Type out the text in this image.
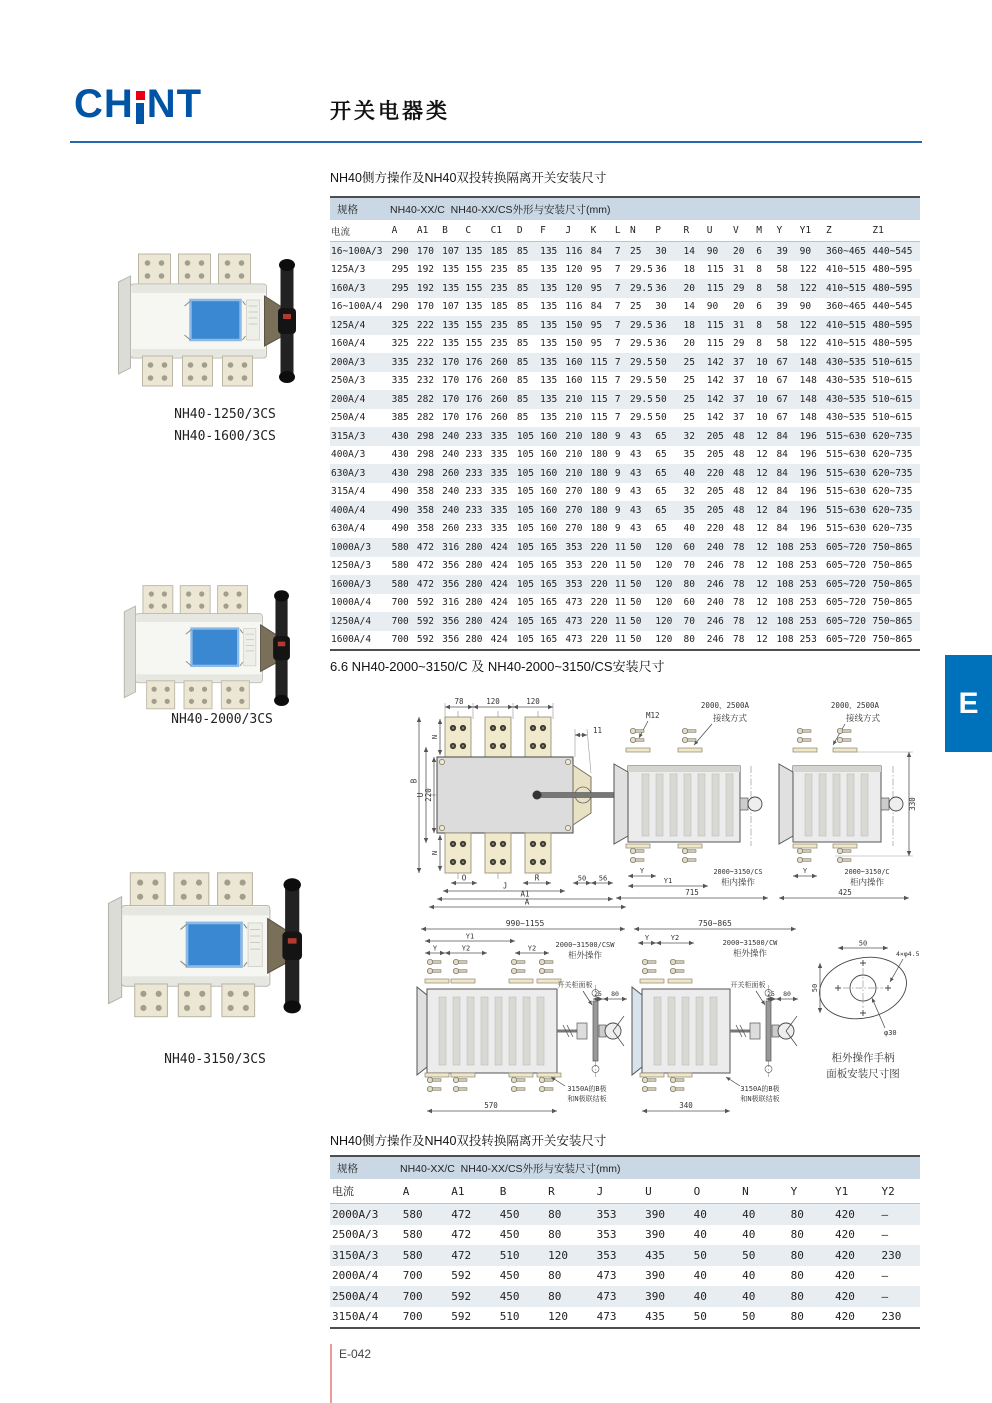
CH NT	开关电器类
E
NH40-1250/3CS
NH40-1600/3CS
NH40-2000/3CS
NH40-3150/3CS
NH40侧方操作及NH40双投转换隔离开关安装尺寸
规格	NH40-XX/C  NH40-XX/CS外形与安装尺寸(mm)
电流	A	A1	B	C	C1	D	F	J	K	L	N	P	R	U	V	M	Y	Y1	Z	Z1
16~100A/3	290	170	107	135	185	85	135	116	84	7	25	30	14	90	20	6	39	90	360~465	440~545
125A/3	295	192	135	155	235	85	135	120	95	7	29.5	36	18	115	31	8	58	122	410~515	480~595
160A/3	295	192	135	155	235	85	135	120	95	7	29.5	36	20	115	29	8	58	122	410~515	480~595
16~100A/4	290	170	107	135	185	85	135	116	84	7	25	30	14	90	20	6	39	90	360~465	440~545
125A/4	325	222	135	155	235	85	135	150	95	7	29.5	36	18	115	31	8	58	122	410~515	480~595
160A/4	325	222	135	155	235	85	135	150	95	7	29.5	36	20	115	29	8	58	122	410~515	480~595
200A/3	335	232	170	176	260	85	135	160	115	7	29.5	50	25	142	37	10	67	148	430~535	510~615
250A/3	335	232	170	176	260	85	135	160	115	7	29.5	50	25	142	37	10	67	148	430~535	510~615
200A/4	385	282	170	176	260	85	135	210	115	7	29.5	50	25	142	37	10	67	148	430~535	510~615
250A/4	385	282	170	176	260	85	135	210	115	7	29.5	50	25	142	37	10	67	148	430~535	510~615
315A/3	430	298	240	233	335	105	160	210	180	9	43	65	32	205	48	12	84	196	515~630	620~735
400A/3	430	298	240	233	335	105	160	210	180	9	43	65	35	205	48	12	84	196	515~630	620~735
630A/3	430	298	260	233	335	105	160	210	180	9	43	65	40	220	48	12	84	196	515~630	620~735
315A/4	490	358	240	233	335	105	160	270	180	9	43	65	32	205	48	12	84	196	515~630	620~735
400A/4	490	358	240	233	335	105	160	270	180	9	43	65	35	205	48	12	84	196	515~630	620~735
630A/4	490	358	260	233	335	105	160	270	180	9	43	65	40	220	48	12	84	196	515~630	620~735
1000A/3	580	472	316	280	424	105	165	353	220	11	50	120	60	240	78	12	108	253	605~720	750~865
1250A/3	580	472	356	280	424	105	165	353	220	11	50	120	70	246	78	12	108	253	605~720	750~865
1600A/3	580	472	356	280	424	105	165	353	220	11	50	120	80	246	78	12	108	253	605~720	750~865
1000A/4	700	592	316	280	424	105	165	473	220	11	50	120	60	240	78	12	108	253	605~720	750~865
1250A/4	700	592	356	280	424	105	165	473	220	11	50	120	70	246	78	12	108	253	605~720	750~865
1600A/4	700	592	356	280	424	105	165	473	220	11	50	120	80	246	78	12	108	253	605~720	750~865
6.6 NH40-2000~3150/C 及 NH40-2000~3150/CS安装尺寸
78	120	120
11
220
U
B
N
N
O	R	50 56
J
A1
A
2000、2500A
接线方式
M12
Y
Y1
715
2000~3150/CS
柜内操作
2000、2500A
接线方式
330
Y	2000~3150/C
柜内操作
425
990~1155
Y1
Y	Y2	Y2	2000~31500/CSW
柜外操作
开关柜面板
25 80
3150A的B极
和N极联结板
570
750~865
Y	Y2
2000~31500/CW
柜外操作
开关柜面板
25 80
3150A的B极
和N极联结板
340
50
50
4×φ4.5
φ30
柜外操作手柄
面板安装尺寸图
NH40侧方操作及NH40双投转换隔离开关安装尺寸
规格	NH40-XX/C  NH40-XX/CS外形与安装尺寸(mm)
电流	A	A1	B	R	J	U	O	N	Y	Y1	Y2
2000A/3	580	472	450	80	353	390	40	40	80	420	–
2500A/3	580	472	450	80	353	390	40	40	80	420	–
3150A/3	580	472	510	120	353	435	50	50	80	420	230
2000A/4	700	592	450	80	473	390	40	40	80	420	–
2500A/4	700	592	450	80	473	390	40	40	80	420	–
3150A/4	700	592	510	120	473	435	50	50	80	420	230
E-042
